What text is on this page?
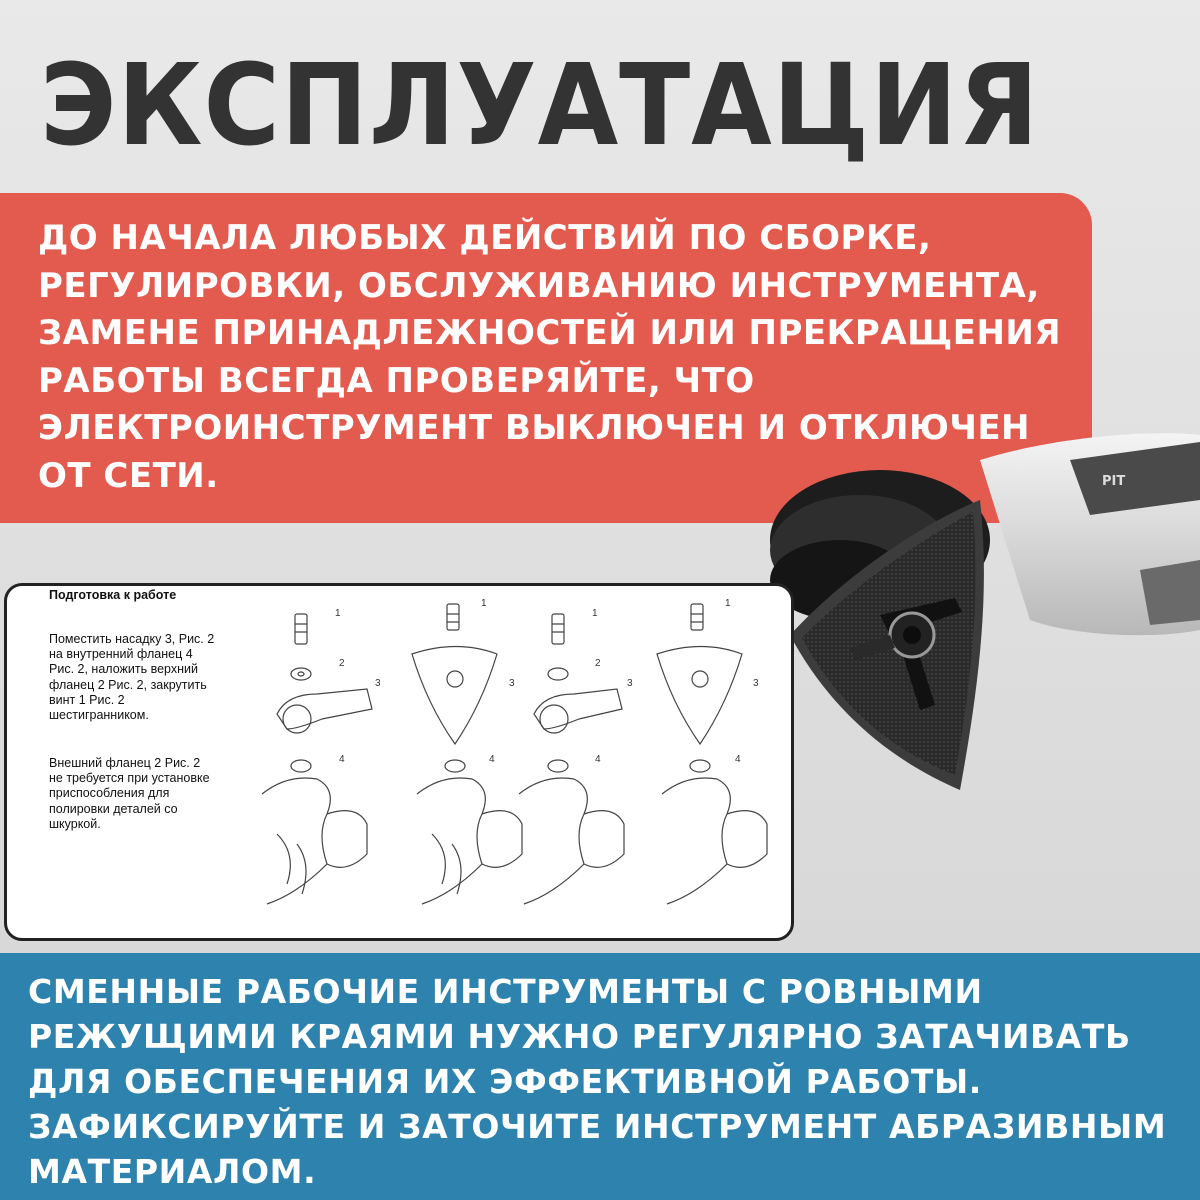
ЭКСПЛУАТАЦИЯ
ДО НАЧАЛА ЛЮБЫХ ДЕЙСТВИЙ ПО СБОРКЕ,
РЕГУЛИРОВКИ, ОБСЛУЖИВАНИЮ ИНСТРУМЕНТА,
ЗАМЕНЕ ПРИНАДЛЕЖНОСТЕЙ ИЛИ ПРЕКРАЩЕНИЯ
РАБОТЫ ВСЕГДА ПРОВЕРЯЙТЕ, ЧТО
ЭЛЕКТРОИНСТРУМЕНТ ВЫКЛЮЧЕН И ОТКЛЮЧЕН
ОТ СЕТИ.	PIT
Подготовка к работе
Поместить насадку 3, Рис. 2
на внутренний фланец 4
Рис. 2, наложить верхний
фланец 2 Рис. 2, закрутить
винт 1 Рис. 2
шестигранником.
Внешний фланец 2 Рис. 2
не требуется при установке
приспособления для
полировки деталей со
шкуркой.
1
2
3
4
1
3
4
1
2
3
4
1
3
4
СМЕННЫЕ РАБОЧИЕ ИНСТРУМЕНТЫ С РОВНЫМИ
РЕЖУЩИМИ КРАЯМИ НУЖНО РЕГУЛЯРНО ЗАТАЧИВАТЬ
ДЛЯ ОБЕСПЕЧЕНИЯ ИХ ЭФФЕКТИВНОЙ РАБОТЫ.
ЗАФИКСИРУЙТЕ И ЗАТОЧИТЕ ИНСТРУМЕНТ АБРАЗИВНЫМ
МАТЕРИАЛОМ.
